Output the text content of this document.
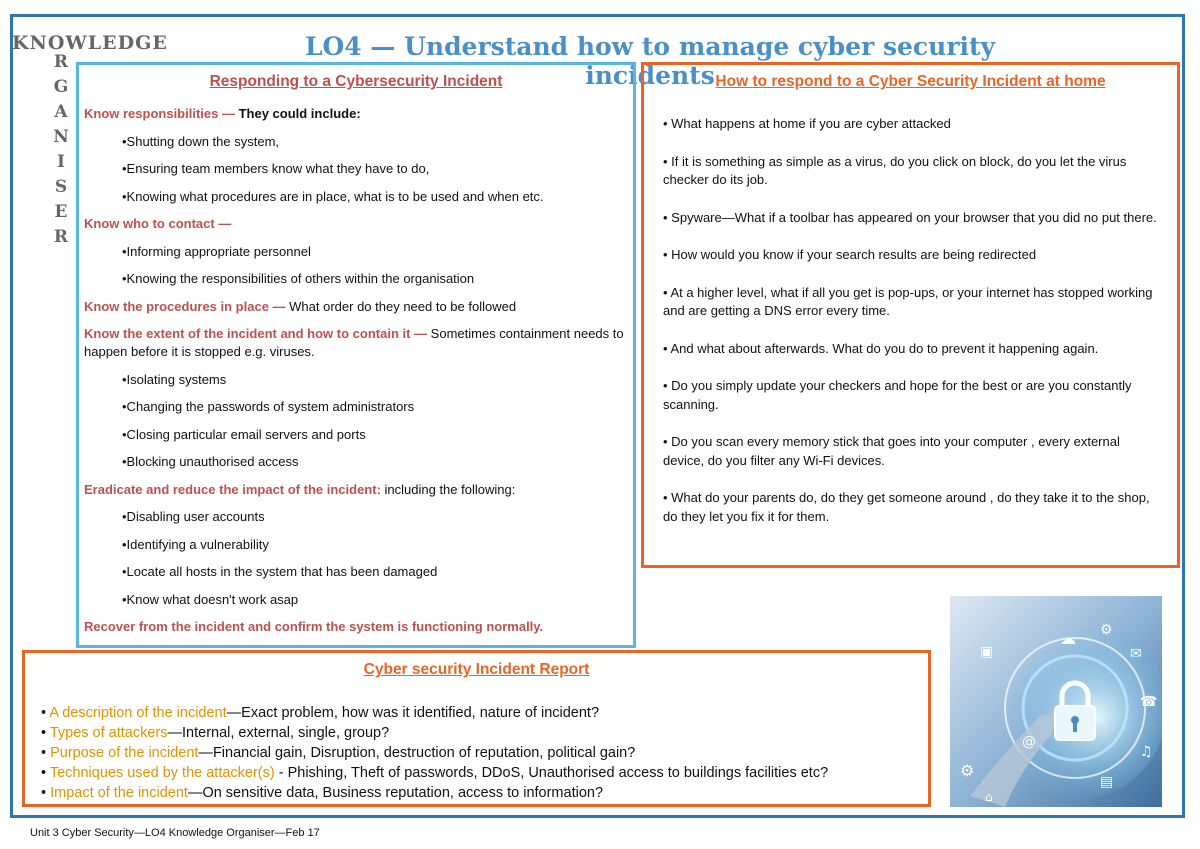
KNOWLEDGE
R
G
A
N
I
S
E
R
LO4 — Understand how to manage cyber security incidents
Responding to a Cybersecurity Incident
Know responsibilities — They could include:
•Shutting down the system,
•Ensuring team members know what they have to do,
•Knowing what procedures are in place, what is to be used and when etc.
Know who to contact —
•Informing appropriate personnel
•Knowing the responsibilities of others within the organisation
Know the procedures in place — What order do they need to be followed
Know the extent of the incident and how to contain it — Sometimes containment needs to happen before it is stopped e.g. viruses.
•Isolating systems
•Changing the passwords of system administrators
•Closing particular email servers and ports
•Blocking unauthorised access
Eradicate and reduce the impact of the incident: including the following:
•Disabling user accounts
•Identifying a vulnerability
•Locate all hosts in the system that has been damaged
•Know what doesn't work asap
Recover from the incident and confirm the system is functioning normally.
How to respond to a Cyber Security Incident at home
• What happens at home if you are cyber attacked
• If it is something as simple as a virus, do you click on block, do you let the virus checker do its job.
• Spyware—What if a toolbar has appeared on your browser that you did no put there.
• How would you know if your search results are being redirected
• At a higher level, what if all you get is pop-ups, or your internet has stopped working and are getting a DNS error every time.
• And what about afterwards. What do you do to prevent it happening again.
• Do you simply update your checkers and hope for the best or are you constantly scanning.
• Do you scan every memory stick that goes into your computer , every external device, do you filter any Wi-Fi devices.
• What do your parents do, do they get someone around , do they take it to the shop, do they let you fix it for them.
Cyber security Incident Report
• A description of the incident—Exact problem, how was it identified, nature of incident?
• Types of attackers—Internal, external, single, group?
• Purpose of the incident—Financial gain, Disruption, destruction of reputation, political gain?
• Techniques used by the attacker(s) - Phishing, Theft of passwords, DDoS, Unauthorised access to buildings facilities etc?
• Impact of the incident—On sensitive data, Business reputation, access to information?
☁ ⚙
✉
▣
☎
@
♫
⚙
▤
⌂
Unit 3 Cyber Security—LO4 Knowledge Organiser—Feb 17
